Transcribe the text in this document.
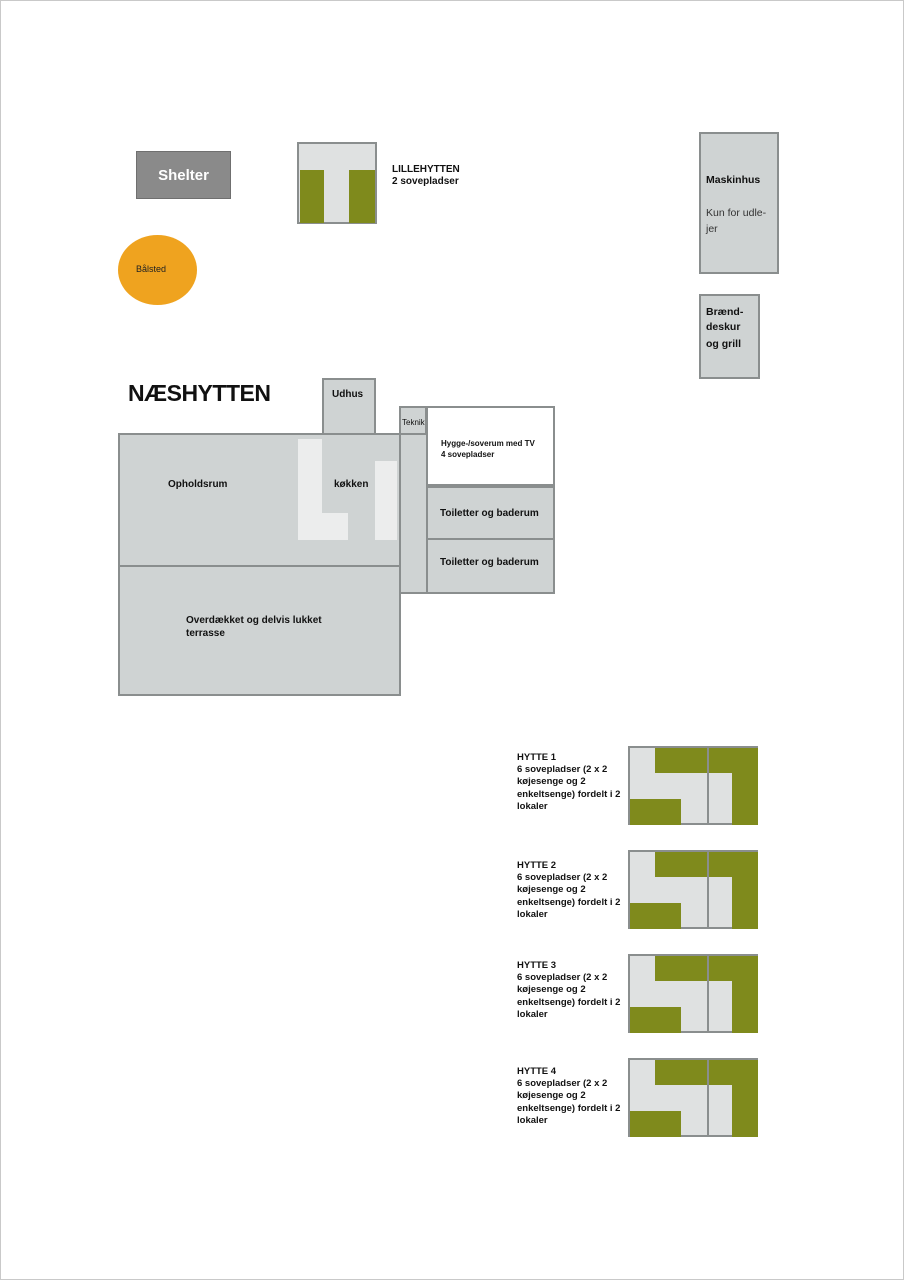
Shelter
Bålsted
LILLEHYTTEN
2 sovepladser	Maskinhus
Kun for udle-
jer
Brænd-
deskur
og grill
NÆSHYTTEN	Udhus
Teknik
Hygge-/soverum med TV
4 sovepladser
Opholdsrum	køkken
Toiletter og baderum
Toiletter og baderum
Overdækket og delvis lukket
terrasse
HYTTE 1
6 sovepladser (2 x 2
køjesenge og 2
enkeltsenge) fordelt i 2
lokaler
HYTTE 2
6 sovepladser (2 x 2
køjesenge og 2
enkeltsenge) fordelt i 2
lokaler
HYTTE 3
6 sovepladser (2 x 2
køjesenge og 2
enkeltsenge) fordelt i 2
lokaler
HYTTE 4
6 sovepladser (2 x 2
køjesenge og 2
enkeltsenge) fordelt i 2
lokaler
